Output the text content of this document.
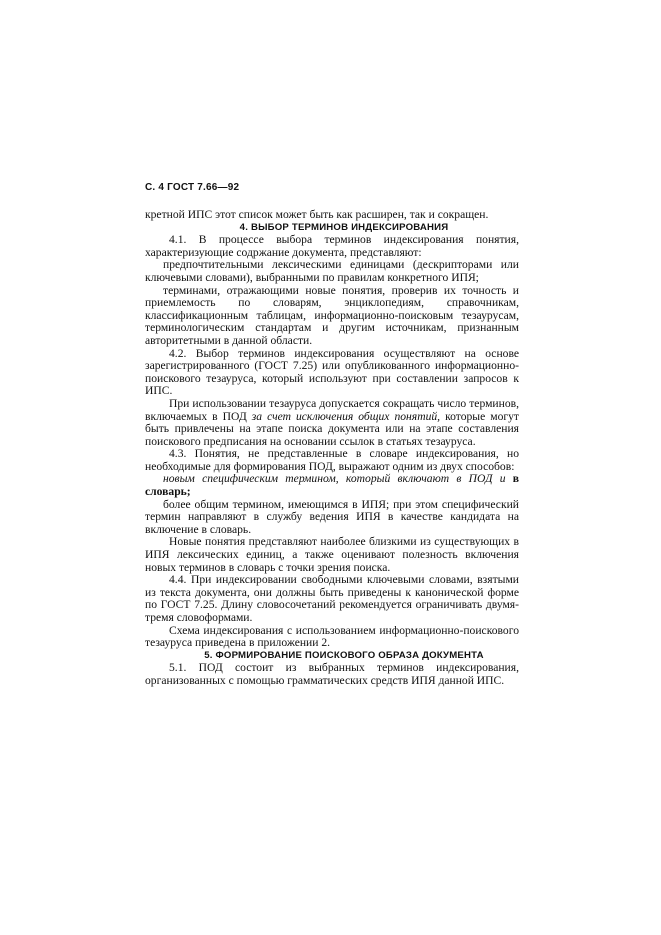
С. 4 ГОСТ 7.66—92

кретной ИПС этот список может быть как расширен, так и сокращен.

4. ВЫБОР ТЕРМИНОВ ИНДЕКСИРОВАНИЯ

4.1. В процессе выбора терминов индексирования понятия, характеризующие содржание документа, представляют:

предпочтительными лексическими единицами (дескрипторами или ключевыми словами), выбранными по правилам конкретного ИПЯ;

терминами, отражающими новые понятия, проверив их точность и приемлемость по словарям, энциклопедиям, справочникам, классификационным таблицам, информационно-поисковым тезаурусам, терминологическим стандартам и другим источникам, признанным авторитетными в данной области.

4.2. Выбор терминов индексирования осуществляют на основе зарегистрированного (ГОСТ 7.25) или опубликованного информационно-поискового тезауруса, который используют при составлении запросов к ИПС.

При использовании тезауруса допускается сокращать число терминов, включаемых в ПОД за счет исключения общих понятий, которые могут быть привлечены на этапе поиска документа или на этапе составления поискового предписания на основании ссылок в статьях тезауруса.

4.3. Понятия, не представленные в словаре индексирования, но необходимые для формирования ПОД, выражают одним из двух способов:

новым специфическим термином, который включают в ПОД и в словарь;

более общим термином, имеющимся в ИПЯ; при этом специфический термин направляют в службу ведения ИПЯ в качестве кандидата на включение в словарь.

Новые понятия представляют наиболее близкими из существующих в ИПЯ лексических единиц, а также оценивают полезность включения новых терминов в словарь с точки зрения поиска.

4.4. При индексировании свободными ключевыми словами, взятыми из текста документа, они должны быть приведены к канонической форме по ГОСТ 7.25. Длину словосочетаний рекомендуется ограничивать двумя-тремя словоформами.

Схема индексирования с использованием информационно-поискового тезауруса приведена в приложении 2.

5. ФОРМИРОВАНИЕ ПОИСКОВОГО ОБРАЗА ДОКУМЕНТА

5.1. ПОД состоит из выбранных терминов индексирования, организованных с помощью грамматических средств ИПЯ данной ИПС.
